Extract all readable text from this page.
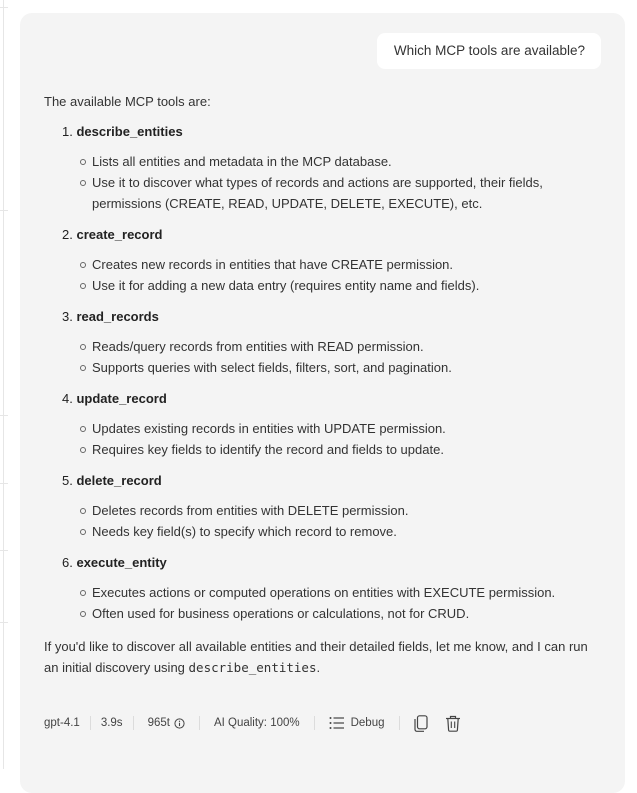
Which MCP tools are available?

The available MCP tools are:

1. describe_entities
Lists all entities and metadata in the MCP database.
Use it to discover what types of records and actions are supported, their fields, permissions (CREATE, READ, UPDATE, DELETE, EXECUTE), etc.
2. create_record
Creates new records in entities that have CREATE permission.
Use it for adding a new data entry (requires entity name and fields).
3. read_records
Reads/query records from entities with READ permission.
Supports queries with select fields, filters, sort, and pagination.
4. update_record
Updates existing records in entities with UPDATE permission.
Requires key fields to identify the record and fields to update.
5. delete_record
Deletes records from entities with DELETE permission.
Needs key field(s) to specify which record to remove.
6. execute_entity
Executes actions or computed operations on entities with EXECUTE permission.
Often used for business operations or calculations, not for CRUD.

If you'd like to discover all available entities and their detailed fields, let me know, and I can run an initial discovery using describe_entities.

gpt-4.1 3.9s 965t	AI Quality: 100%	Debug
